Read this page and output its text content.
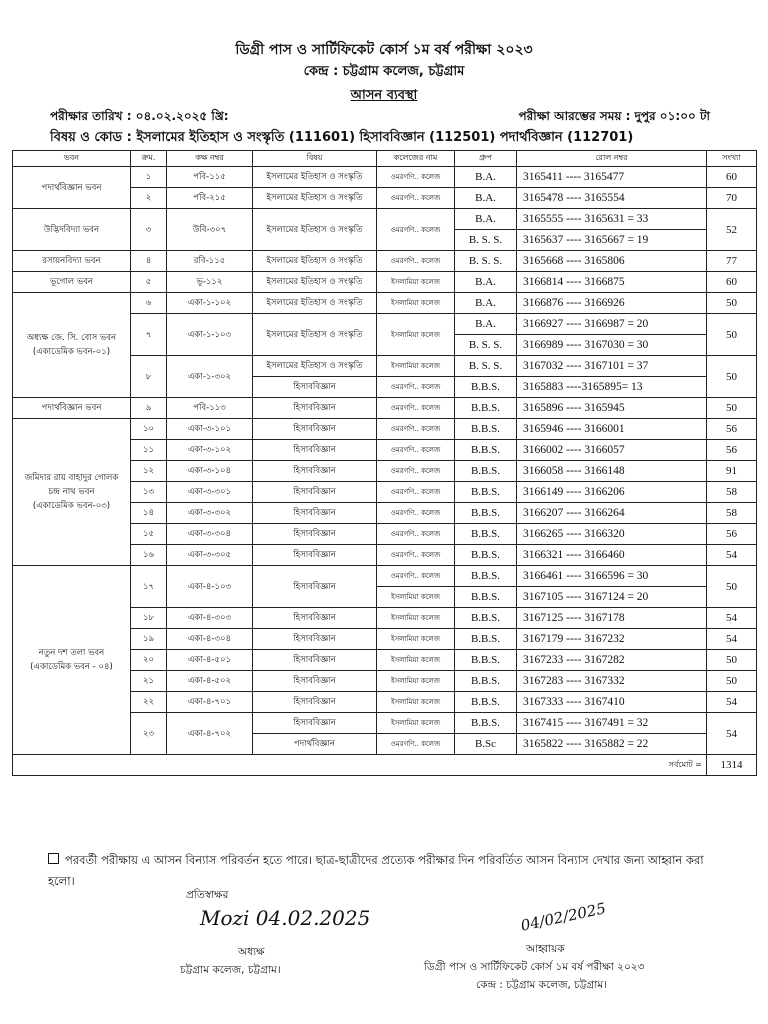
ডিগ্রী পাস ও সার্টিফিকেট কোর্স ১ম বর্ষ পরীক্ষা ২০২৩
কেন্দ্র : চট্টগ্রাম কলেজ, চট্টগ্রাম
আসন ব্যবস্থা
পরীক্ষার তারিখ : ০৪.০২.২০২৫ খ্রি:	পরীক্ষা আরম্ভের সময় : দুপুর ০১:০০ টা
বিষয় ও কোড : ইসলামের ইতিহাস ও সংস্কৃতি (111601) হিসাববিজ্ঞান (112501) পদার্থবিজ্ঞান (112701)
ভবন	ক্রম.	কক্ষ নম্বর	বিষয়	কলেজের নাম	গ্রুপ	রোল নম্বর	সংখ্যা
পদার্থবিজ্ঞান ভবন	১	পবি-১১৫	ইসলামের ইতিহাস ও সংস্কৃতি	ওমরগণি.. কলেজ	B.A.	3165411 ---- 3165477	60
	২	পবি-২১৫	ইসলামের ইতিহাস ও সংস্কৃতি	ওমরগণি.. কলেজ	B.A.	3165478 ---- 3165554	70
উদ্ভিদবিদ্যা ভবন	৩	উবি-৩০৭	ইসলামের ইতিহাস ও সংস্কৃতি	ওমরগণি.. কলেজ	B.A.	3165555 ---- 3165631 = 33	52
					B. S. S.	3165637 ---- 3165667 = 19	
রসায়নবিদ্যা ভবন	৪	রবি-১১৫	ইসলামের ইতিহাস ও সংস্কৃতি	ওমরগণি.. কলেজ	B. S. S.	3165668 ---- 3165806	77
ভূগোল ভবন	৫	ভূ-১১২	ইসলামের ইতিহাস ও সংস্কৃতি	ইসলামিয়া কলেজ	B.A.	3166814 ---- 3166875	60
অধ্যক্ষ জে. সি. বোস ভবন
(একাডেমিক ভবন-০১)	৬	একা-১-১০২	ইসলামের ইতিহাস ও সংস্কৃতি	ইসলামিয়া কলেজ	B.A.	3166876 ---- 3166926	50
	৭	একা-১-১০৩	ইসলামের ইতিহাস ও সংস্কৃতি	ইসলামিয়া কলেজ	B.A.	3166927 ---- 3166987 = 20	50
					B. S. S.	3166989 ---- 3167030 = 30	
	৮	একা-১-৩০২	ইসলামের ইতিহাস ও সংস্কৃতি	ইসলামিয়া কলেজ	B. S. S.	3167032 ---- 3167101 = 37	50
			হিসাববিজ্ঞান	ওমরগণি.. কলেজ	B.B.S.	3165883 ----3165895= 13	
পদার্থবিজ্ঞান ভবন	৯	পবি-১১৩	হিসাববিজ্ঞান	ওমরগণি.. কলেজ	B.B.S.	3165896 ---- 3165945	50
জমিদার রায় বাহাদুর গোলক
চন্দ্র নাথ ভবন
(একাডেমিক ভবন-০৩)	১০	একা-৩-১০১	হিসাববিজ্ঞান	ওমরগণি.. কলেজ	B.B.S.	3165946 ---- 3166001	56
	১১	একা-৩-১০২	হিসাববিজ্ঞান	ওমরগণি.. কলেজ	B.B.S.	3166002 ---- 3166057	56
	১২	একা-৩-১০৪	হিসাববিজ্ঞান	ওমরগণি.. কলেজ	B.B.S.	3166058 ---- 3166148	91
	১৩	একা-৩-৩০১	হিসাববিজ্ঞান	ওমরগণি.. কলেজ	B.B.S.	3166149 ---- 3166206	58
	১৪	একা-৩-৩০২	হিসাববিজ্ঞান	ওমরগণি.. কলেজ	B.B.S.	3166207 ---- 3166264	58
	১৫	একা-৩-৩০৪	হিসাববিজ্ঞান	ওমরগণি.. কলেজ	B.B.S.	3166265 ---- 3166320	56
	১৬	একা-৩-৩০৫	হিসাববিজ্ঞান	ওমরগণি.. কলেজ	B.B.S.	3166321 ---- 3166460	54
নতুন দশ তলা ভবন
(একাডেমিক ভবন - ০৪)	১৭	একা-৪-১০৩	হিসাববিজ্ঞান	ওমরগণি.. কলেজ	B.B.S.	3166461 ---- 3166596 = 30	50
				ইসলামিয়া কলেজ	B.B.S.	3167105 ---- 3167124 = 20	
	১৮	একা-৪-৩০৩	হিসাববিজ্ঞান	ইসলামিয়া কলেজ	B.B.S.	3167125 ---- 3167178	54
	১৯	একা-৪-৩০৪	হিসাববিজ্ঞান	ইসলামিয়া কলেজ	B.B.S.	3167179 ---- 3167232	54
	২০	একা-৪-৫০১	হিসাববিজ্ঞান	ইসলামিয়া কলেজ	B.B.S.	3167233 ---- 3167282	50
	২১	একা-৪-৫০২	হিসাববিজ্ঞান	ইসলামিয়া কলেজ	B.B.S.	3167283 ---- 3167332	50
	২২	একা-৪-৭০১	হিসাববিজ্ঞান	ইসলামিয়া কলেজ	B.B.S.	3167333 ---- 3167410	54
	২৩	একা-৪-৭০২	হিসাববিজ্ঞান	ইসলামিয়া কলেজ	B.B.S.	3167415 ---- 3167491 = 32	54
			পদার্থবিজ্ঞান	ওমরগণি.. কলেজ	B.Sc	3165822 ---- 3165882 = 22	
সর্বমোট =							1314
পরবর্তী পরীক্ষায় এ আসন বিন্যাস পরিবর্তন হতে পারে। ছাত্র-ছাত্রীদের প্রত্যেক পরীক্ষার দিন পরিবর্তিত আসন বিন্যাস দেখার জন্য আহ্বান করা হলো।
প্রতিস্বাক্ষর
Mozi 04.02.2025
অধ্যক্ষ
চট্টগ্রাম কলেজ, চট্টগ্রাম।
04/02/2025
আহ্বায়ক
ডিগ্রী পাস ও সার্টিফিকেট কোর্স ১ম বর্ষ পরীক্ষা ২০২৩
কেন্দ্র : চট্টগ্রাম কলেজ, চট্টগ্রাম।
